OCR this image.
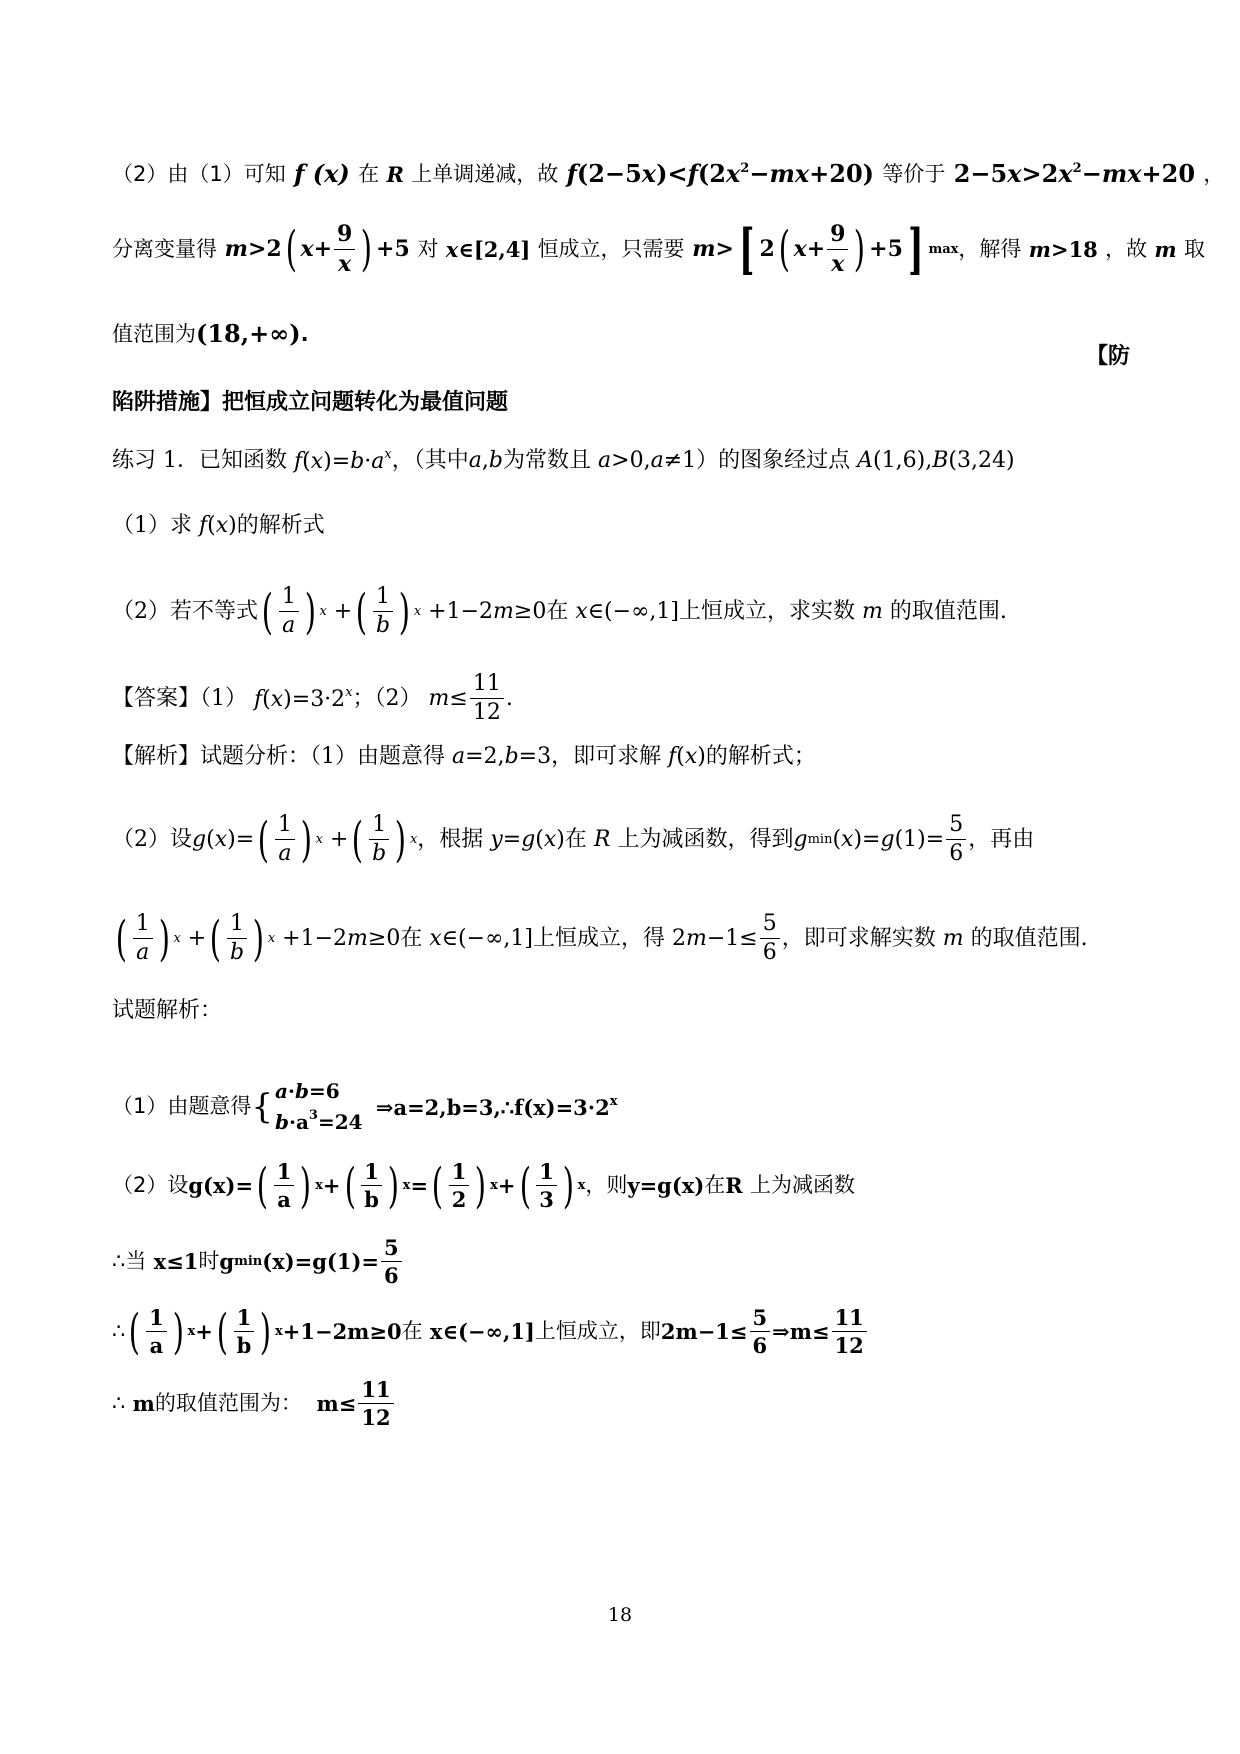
（2）由（1）可知 f (x) 在 R 上单调递减，故 $f(2-5x)<f(2x^2-mx+20)$ 等价于 $2-5x>2x^2-mx+20$ ，
分离变量得
m >2 ( $x + \frac{9}{x}$ ) +5 对 x∈[2,4] 恒成立，只需要
m > [ 2 ( $x + \frac{9}{x}$ ) +5 ] max ，解得 m>18 ，故 m 取
值范围为 (18,+∞) .
【防
陷阱措施】把恒成立问题转化为最值问题
练习 1．已知函数 $f(x)=b\cdot a^x$ ，（其中 a,b 为常数且 a>0,a≠1 ）的图象经过点 A(1,6),B(3,24)
（1）求 f(x) 的解析式
（2）若不等式 ( $\frac{1}{a}$ ) x + ( $\frac{1}{b}$ ) x +1−2 m ≥0 在 x∈(−∞,1] 上恒成立，求实数 m 的取值范围.
【答案】（1） $f(x)=3\cdot 2^x$ ；（2）
$m \le \frac{11}{12}$ .
【解析】试题分析：（1）由题意得 a=2,b=3 ，即可求解 f(x) 的解析式；
（2）设 g ( x )= ( $\frac{1}{a}$ ) x + ( $\frac{1}{b}$ ) x ，根据 y=g(x) 在 R 上为减函数，得到 g min ( x )= g $(1)= \frac{5}{6}$ ，再由
( $\frac{1}{a}$ ) x + ( $\frac{1}{b}$ ) x +1−2 m ≥0 在 x∈(−∞,1] 上恒成立，得 2 $m -1\le \frac{5}{6}$ ，即可求解实数 m 的取值范围.
试题解析：
（1）由题意得 { a·b=6
$b\cdot a^3=24$
$\Rightarrow a=2,b=3,\therefore f(x)=3\cdot 2^x$
（2）设 g(x)= ( $\frac{1}{a}$ ) x + ( $\frac{1}{b}$ ) x = ( $\frac{1}{2}$ ) x + ( $\frac{1}{3}$ ) x ，则 y=g(x) 在 R 上为减函数
∴当 x≤1 时 g $\min (x)=g(1)= \frac{5}{6}$
∴ ( $\frac{1}{a}$ ) x + ( $\frac{1}{b}$ ) x +1−2m≥0 在 x∈(−∞,1] 上恒成立，即 $2m-1\le \frac{5}{6}$ ⇒m≤ $\frac{11}{12}$
∴ m 的取值范围为： $m\le \frac{11}{12}$
18
